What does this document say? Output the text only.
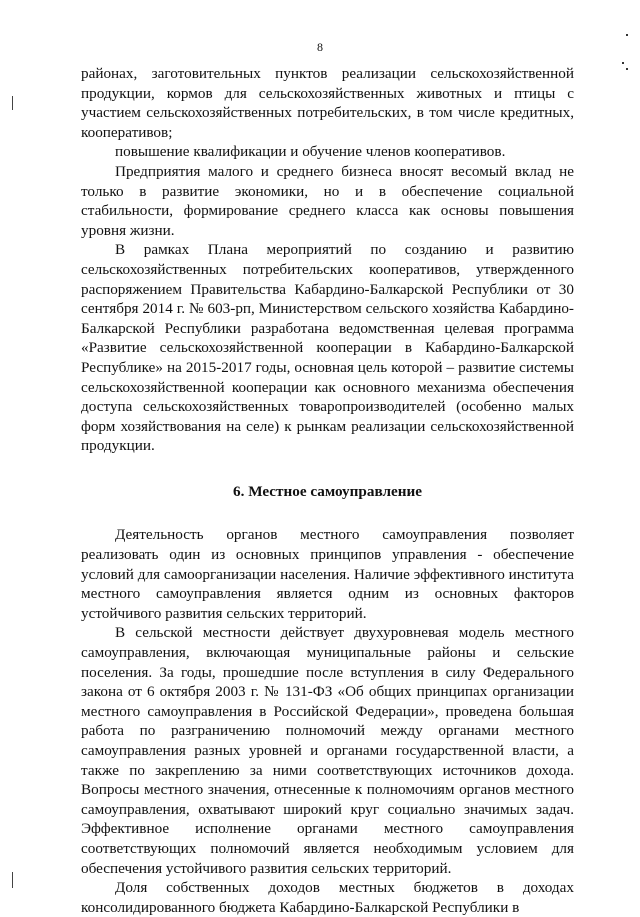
8

районах, заготовительных пунктов реализации сельскохозяйственной продукции, кормов для сельскохозяйственных животных и птицы с участием сельскохозяйственных потребительских, в том числе кредитных, кооперативов;

повышение квалификации и обучение членов кооперативов.

Предприятия малого и среднего бизнеса вносят весомый вклад не только в развитие экономики, но и в обеспечение социальной стабильности, формирование среднего класса как основы повышения уровня жизни.

В рамках Плана мероприятий по созданию и развитию сельскохозяйственных потребительских кооперативов, утвержденного распоряжением Правительства Кабардино-Балкарской Республики от 30 сентября 2014 г. № 603-рп, Министерством сельского хозяйства Кабардино-Балкарской Республики разработана ведомственная целевая программа «Развитие сельскохозяйственной кооперации в Кабардино-Балкарской Республике» на 2015-2017 годы, основная цель которой – развитие системы сельскохозяйственной кооперации как основного механизма обеспечения доступа сельскохозяйственных товаропроизводителей (особенно малых форм хозяйствования на селе) к рынкам реализации сельскохозяйственной продукции.

6. Местное самоуправление

Деятельность органов местного самоуправления позволяет реализовать один из основных принципов управления - обеспечение условий для самоорганизации населения. Наличие эффективного института местного самоуправления является одним из основных факторов устойчивого развития сельских территорий.

В сельской местности действует двухуровневая модель местного самоуправления, включающая муниципальные районы и сельские поселения. За годы, прошедшие после вступления в силу Федерального закона от 6 октября 2003 г. № 131-ФЗ «Об общих принципах организации местного самоуправления в Российской Федерации», проведена большая работа по разграничению полномочий между органами местного самоуправления разных уровней и органами государственной власти, а также по закреплению за ними соответствующих источников дохода. Вопросы местного значения, отнесенные к полномочиям органов местного самоуправления, охватывают широкий круг социально значимых задач. Эффективное исполнение органами местного самоуправления соответствующих полномочий является необходимым условием для обеспечения устойчивого развития сельских территорий.

Доля собственных доходов местных бюджетов в доходах консолидированного бюджета Кабардино-Балкарской Республики в
